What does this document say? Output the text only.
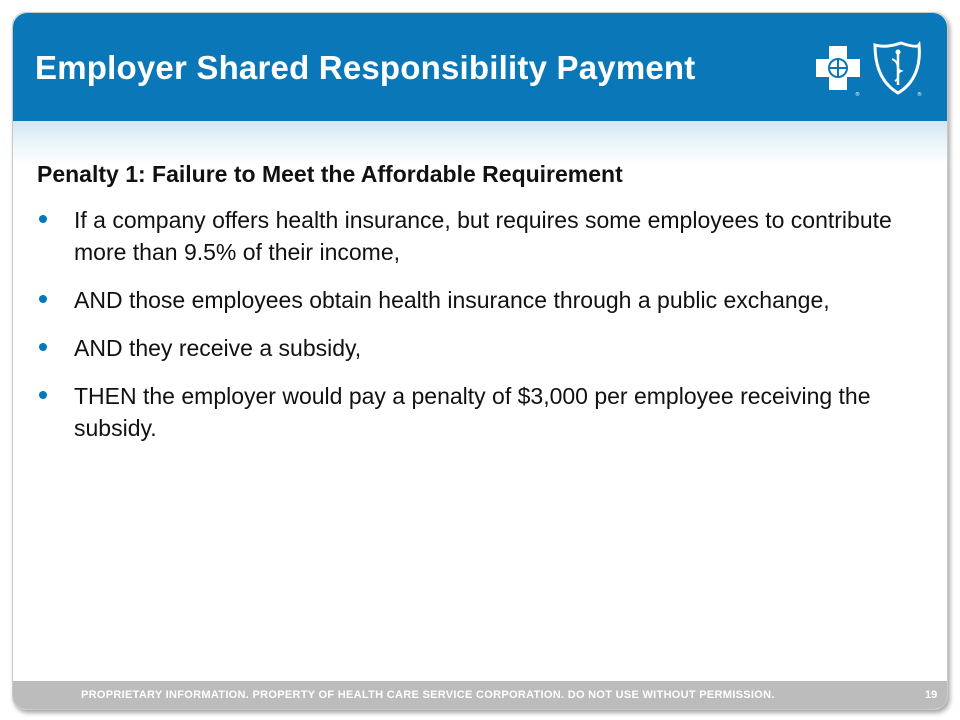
Employer Shared Responsibility Payment
®	®
Penalty 1: Failure to Meet the Affordable Requirement
If a company offers health insurance, but requires some employees to contribute more than 9.5% of their income,
AND those employees obtain health insurance through a public exchange,
AND they receive a subsidy,
THEN the employer would pay a penalty of $3,000 per employee receiving the subsidy.
PROPRIETARY INFORMATION. PROPERTY OF HEALTH CARE SERVICE CORPORATION. DO NOT USE WITHOUT PERMISSION.	19
